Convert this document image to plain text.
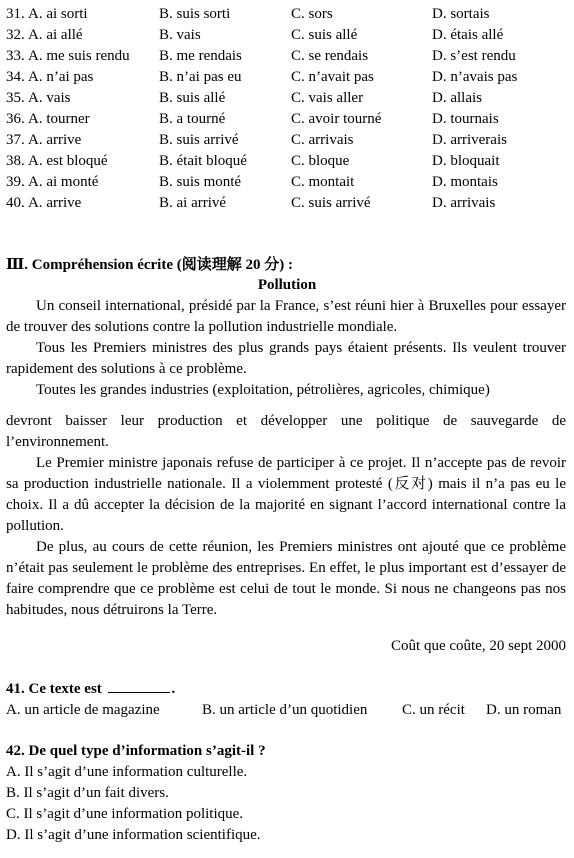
31. A. ai sorti	B. suis sorti	C. sors	D. sortais
32. A. ai allé	B. vais	C. suis allé	D. étais allé
33. A. me suis rendu B. me rendais	C. se rendais	D. s’est rendu
34. A. n’ai pas	B. n’ai pas eu	C. n’avait pas	D. n’avais pas
35. A. vais	B. suis allé	C. vais aller	D. allais
36. A. tourner	B. a tourné	C. avoir tourné	D. tournais
37. A. arrive	B. suis arrivé	C. arrivais	D. arriverais
38. A. est bloqué	B. était bloqué	C. bloque	D. bloquait
39. A. ai monté	B. suis monté	C. montait	D. montais
40. A. arrive	B. ai arrivé	C. suis arrivé	D. arrivais
Ⅲ. Compréhension écrite (阅读理解 20 分) :
Pollution

Un conseil international, présidé par la France, s’est réuni hier à Bruxelles pour essayer de trouver des solutions contre la pollution industrielle mondiale.

Tous les Premiers ministres des plus grands pays étaient présents. Ils veulent trouver rapidement des solutions à ce problème.

Toutes les grandes industries (exploitation, pétrolières, agricoles, chimique)

devront baisser leur production et développer une politique de sauvegarde de l’environnement.

Le Premier ministre japonais refuse de participer à ce projet. Il n’accepte pas de revoir sa production industrielle nationale. Il a violemment protesté (反对) mais il n’a pas eu le choix. Il a dû accepter la décision de la majorité en signant l’accord international contre la pollution.

De plus, au cours de cette réunion, les Premiers ministres ont ajouté que ce problème n’était pas seulement le problème des entreprises. En effet, le plus important est d’essayer de faire comprendre que ce problème est celui de tout le monde. Si nous ne changeons pas nos habitudes, nous détruirons la Terre.

Coût que coûte, 20 sept 2000
41. Ce texte est	.
A. un article de magazine	B. un article d’un quotidien C. un récit D. un roman
42. De quel type d’information s’agit-il ?
A. Il s’agit d’une information culturelle.
B. Il s’agit d’un fait divers.
C. Il s’agit d’une information politique.
D. Il s’agit d’une information scientifique.
